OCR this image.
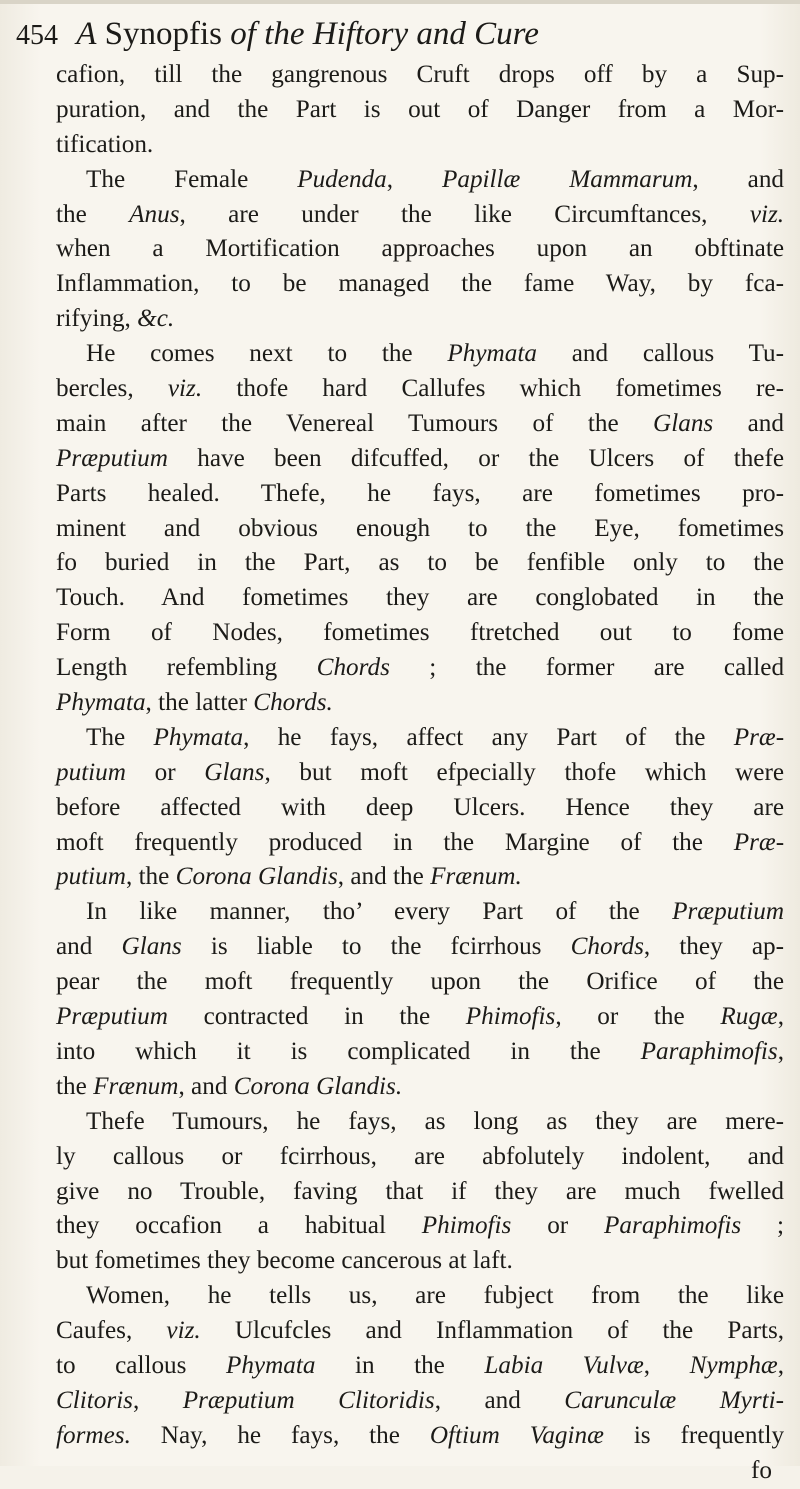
454 A Synopfis of the Hiftory and Cure
cafion, till the gangrenous Cruft drops off by a Sup-
puration, and the Part is out of Danger from a Mor-
tification.
The Female Pudenda, Papillæ Mammarum, and
the Anus, are under the like Circumftances, viz.
when a Mortification approaches upon an obftinate
Inflammation, to be managed the fame Way, by fca-
rifying, &c.
He comes next to the Phymata and callous Tu-
bercles, viz. thofe hard Callufes which fometimes re-
main after the Venereal Tumours of the Glans and
Præputium have been difcuffed, or the Ulcers of thefe
Parts healed. Thefe, he fays, are fometimes pro-
minent and obvious enough to the Eye, fometimes
fo buried in the Part, as to be fenfible only to the
Touch. And fometimes they are conglobated in the
Form of Nodes, fometimes ftretched out to fome
Length refembling Chords ; the former are called
Phymata, the latter Chords.
The Phymata, he fays, affect any Part of the Præ-
putium or Glans, but moft efpecially thofe which were
before affected with deep Ulcers. Hence they are
moft frequently produced in the Margine of the Præ-
putium, the Corona Glandis, and the Frænum.
In like manner, tho’ every Part of the Præputium
and Glans is liable to the fcirrhous Chords, they ap-
pear the moft frequently upon the Orifice of the
Præputium contracted in the Phimofis, or the Rugæ,
into which it is complicated in the Paraphimofis,
the Frænum, and Corona Glandis.
Thefe Tumours, he fays, as long as they are mere-
ly callous or fcirrhous, are abfolutely indolent, and
give no Trouble, faving that if they are much fwelled
they occafion a habitual Phimofis or Paraphimofis ;
but fometimes they become cancerous at laft.
Women, he tells us, are fubject from the like
Caufes, viz. Ulcufcles and Inflammation of the Parts,
to callous Phymata in the Labia Vulvæ, Nymphæ,
Clitoris, Præputium Clitoridis, and Carunculæ Myrti-
formes. Nay, he fays, the Oftium Vaginæ is frequently
fo
